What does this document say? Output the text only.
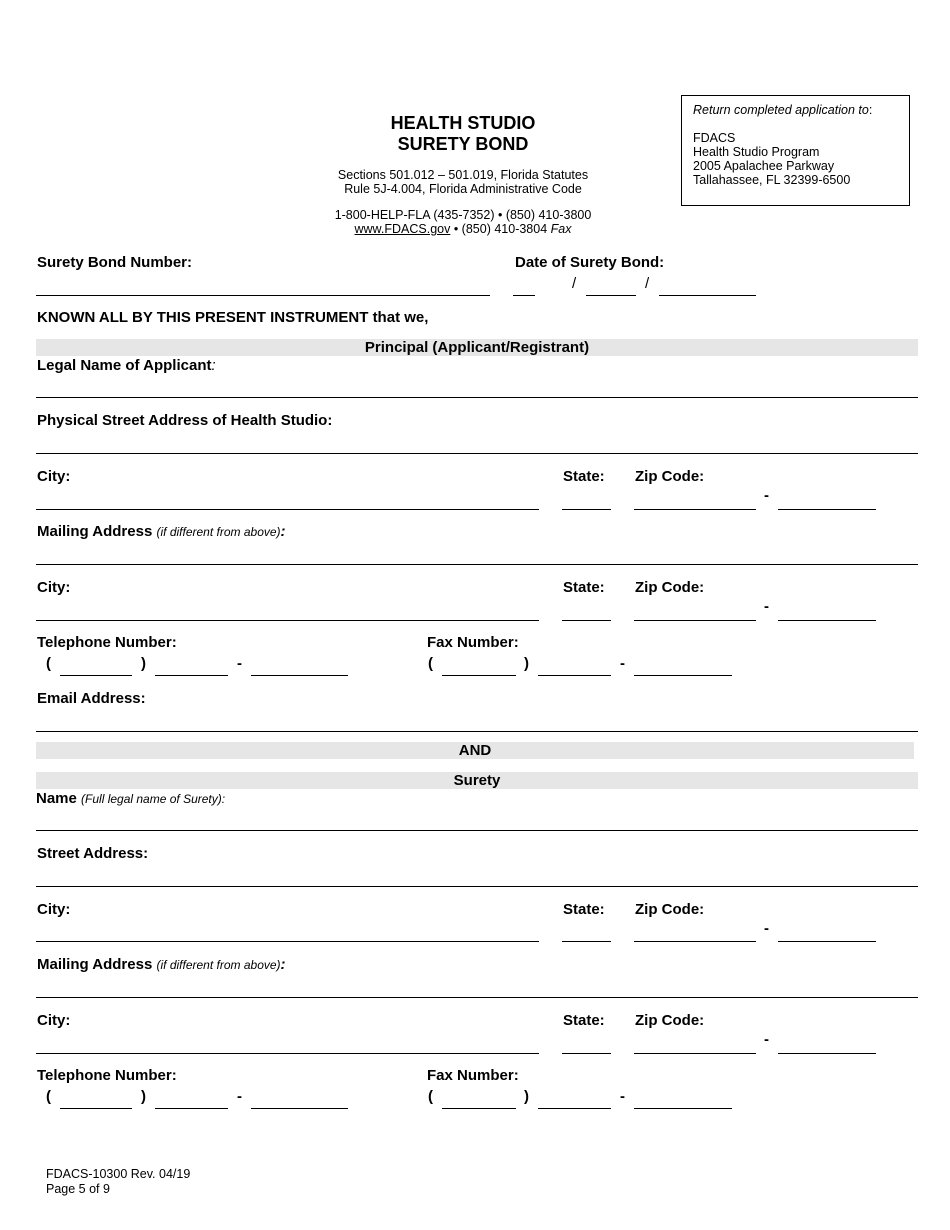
HEALTH STUDIO
SURETY BOND
Sections 501.012 – 501.019, Florida Statutes
Rule 5J-4.004, Florida Administrative Code
1-800-HELP-FLA (435-7352) • (850) 410-3800
www.FDACS.gov • (850) 410-3804 Fax
Return completed application to:
FDACS
Health Studio Program
2005 Apalachee Parkway
Tallahassee, FL 32399-6500
Surety Bond Number:	Date of Surety Bond:
/	/
KNOWN ALL BY THIS PRESENT INSTRUMENT that we,
Principal (Applicant/Registrant)
Legal Name of Applicant:
Physical Street Address of Health Studio:
City:	State: Zip Code:
-
Mailing Address (if different from above):
City:	State: Zip Code:
-
Telephone Number:
(	)	-
Fax Number:
(	)	-
Email Address:
AND
Surety
Name (Full legal name of Surety):
Street Address:
City:	State: Zip Code:
-
Mailing Address (if different from above):
City:	State: Zip Code:
-
Telephone Number:
(	)	-
Fax Number:
(	)	-
FDACS-10300 Rev. 04/19
Page 5 of 9
